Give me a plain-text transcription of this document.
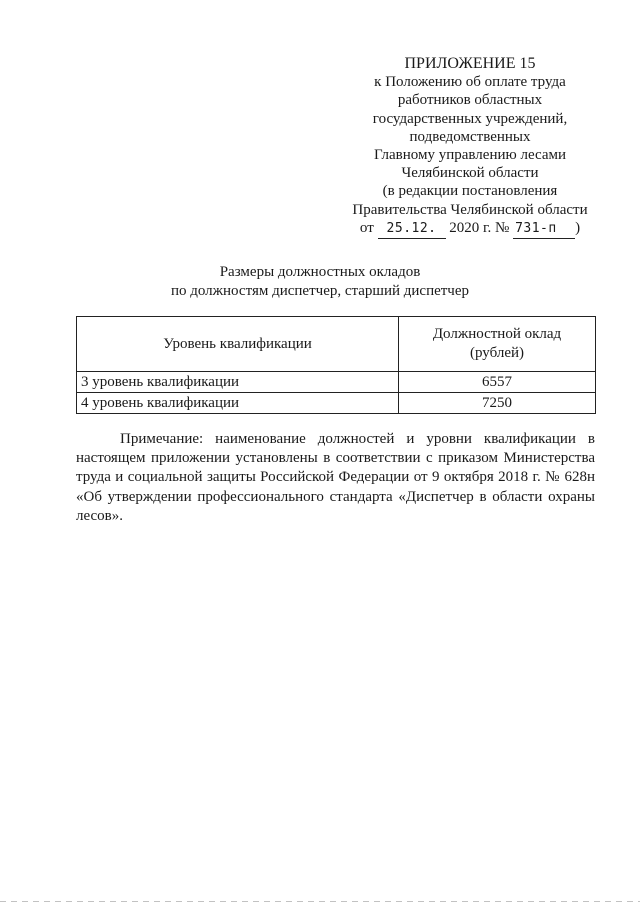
ПРИЛОЖЕНИЕ 15
к Положению об оплате труда
работников областных
государственных учреждений,
подведомственных
Главному управлению лесами
Челябинской области
(в редакции постановления
Правительства Челябинской области
от 25.12. 2020 г. № 731-п )
Размеры должностных окладов
по должностям диспетчер, старший диспетчер
Уровень квалификации	Должностной оклад
(рублей)
3 уровень квалификации	6557
4 уровень квалификации	7250

Примечание: наименование должностей и уровни квалификации в настоящем приложении установлены в соответствии с приказом Министерства труда и социальной защиты Российской Федерации от 9 октября 2018 г. № 628н «Об утверждении профессионального стандарта «Диспетчер в области охраны лесов».
